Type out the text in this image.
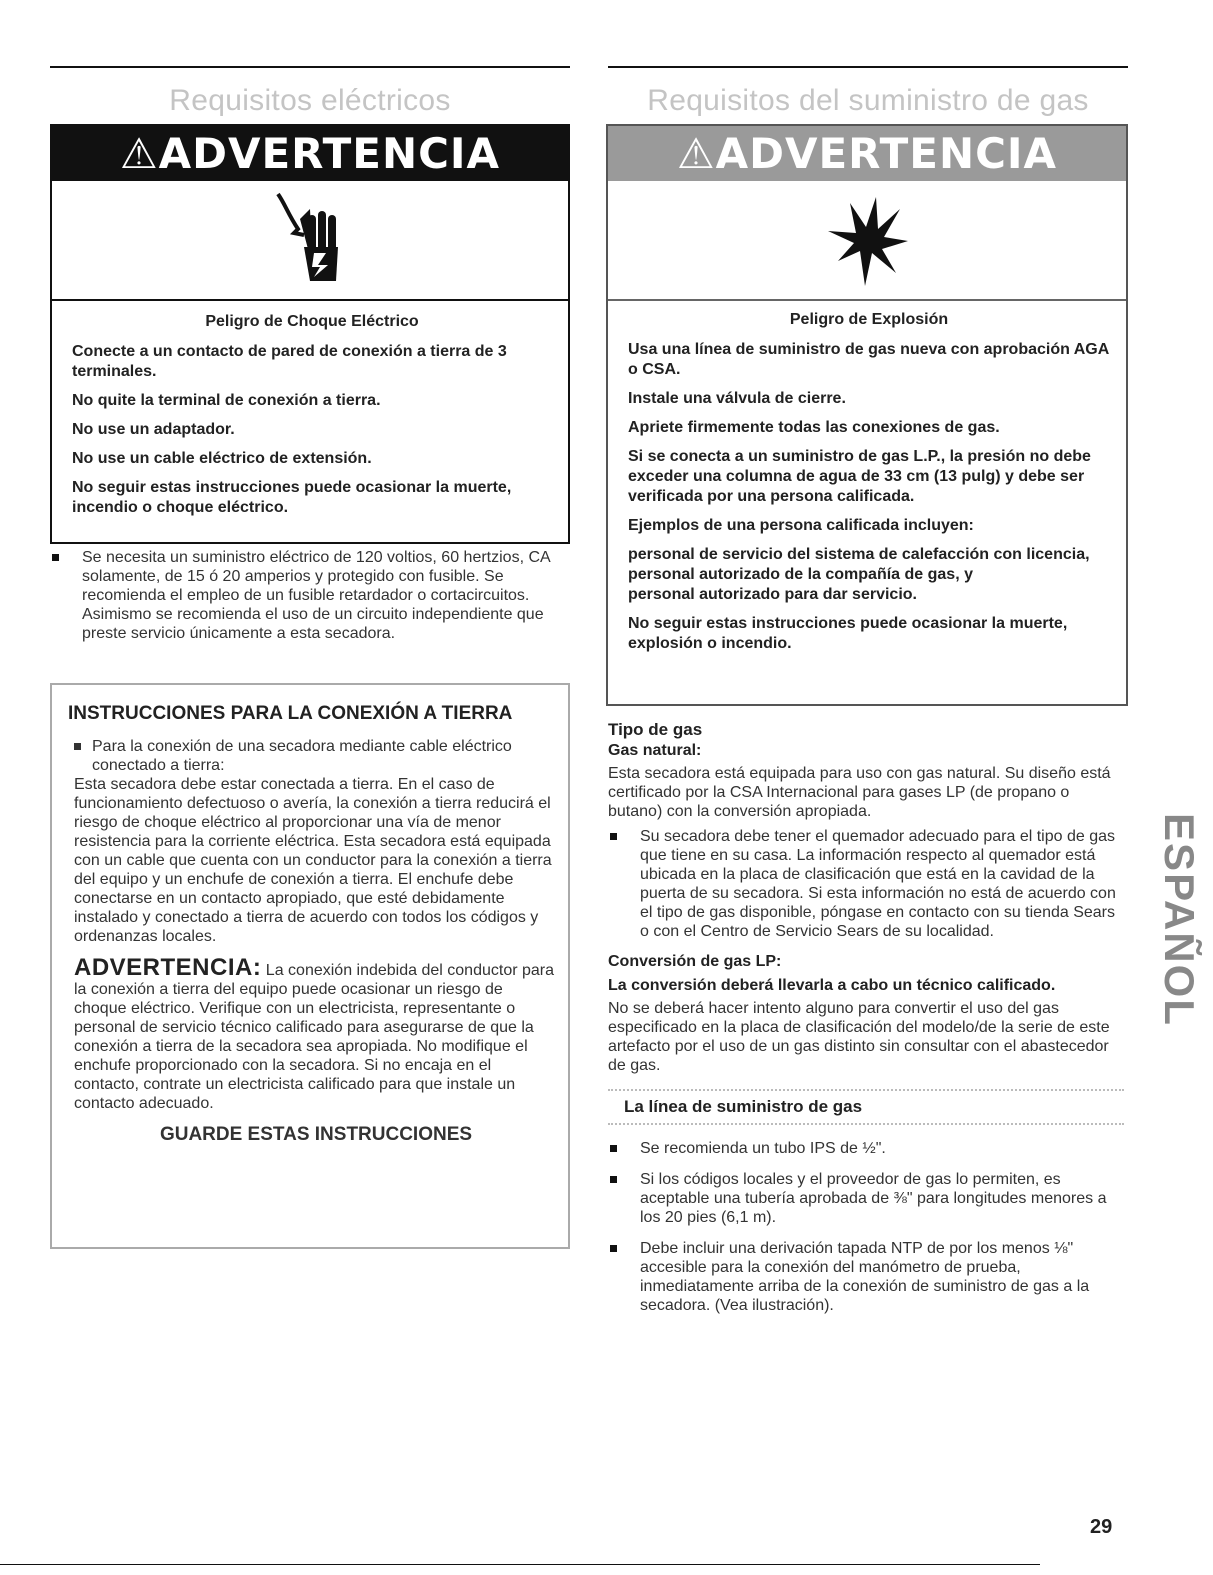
Requisitos eléctricos
⚠ADVERTENCIA

Peligro de Choque Eléctrico

Conecte a un contacto de pared de conexión a tierra de 3 terminales.

No quite la terminal de conexión a tierra.

No use un adaptador.

No use un cable eléctrico de extensión.

No seguir estas instrucciones puede ocasionar la muerte, incendio o choque eléctrico.

Se necesita un suministro eléctrico de 120 voltios, 60 hertzios, CA solamente, de 15 ó 20 amperios y protegido con fusible. Se recomienda el empleo de un fusible retardador o cortacircuitos. Asimismo se recomienda el uso de un circuito independiente que preste servicio únicamente a esta secadora.
INSTRUCCIONES PARA LA CONEXIÓN A TIERRA
Para la conexión de una secadora mediante cable eléctrico conectado a tierra:
Esta secadora debe estar conectada a tierra. En el caso de funcionamiento defectuoso o avería, la conexión a tierra reducirá el riesgo de choque eléctrico al proporcionar una vía de menor resistencia para la corriente eléctrica. Esta secadora está equipada con un cable que cuenta con un conductor para la conexión a tierra del equipo y un enchufe de conexión a tierra. El enchufe debe conectarse en un contacto apropiado, que esté debidamente instalado y conectado a tierra de acuerdo con todos los códigos y ordenanzas locales.
ADVERTENCIA: La conexión indebida del conductor para la conexión a tierra del equipo puede ocasionar un riesgo de choque eléctrico. Verifique con un electricista, representante o personal de servicio técnico calificado para asegurarse de que la conexión a tierra de la secadora sea apropiada. No modifique el enchufe proporcionado con la secadora. Si no encaja en el contacto, contrate un electricista calificado para que instale un contacto adecuado.
GUARDE ESTAS INSTRUCCIONES
Requisitos del suministro de gas
⚠ADVERTENCIA

Peligro de Explosión

Usa una línea de suministro de gas nueva con aprobación AGA o CSA.

Instale una válvula de cierre.

Apriete firmemente todas las conexiones de gas.

Si se conecta a un suministro de gas L.P., la presión no debe exceder una columna de agua de 33 cm (13 pulg) y debe ser verificada por una persona calificada.

Ejemplos de una persona calificada incluyen:

personal de servicio del sistema de calefacción con licencia,
personal autorizado de la compañía de gas, y
personal autorizado para dar servicio.

No seguir estas instrucciones puede ocasionar la muerte, explosión o incendio.

Tipo de gas
Gas natural:
Esta secadora está equipada para uso con gas natural. Su diseño está certificado por la CSA Internacional para gases LP (de propano o butano) con la conversión apropiada.
Su secadora debe tener el quemador adecuado para el tipo de gas que tiene en su casa. La información respecto al quemador está ubicada en la placa de clasificación que está en la cavidad de la puerta de su secadora. Si esta información no está de acuerdo con el tipo de gas disponible, póngase en contacto con su tienda Sears o con el Centro de Servicio Sears de su localidad.
Conversión de gas LP:
La conversión deberá llevarla a cabo un técnico calificado.
No se deberá hacer intento alguno para convertir el uso del gas especificado en la placa de clasificación del modelo/de la serie de este artefacto por el uso de un gas distinto sin consultar con el abastecedor de gas.
La línea de suministro de gas
Se recomienda un tubo IPS de ½".
Si los códigos locales y el proveedor de gas lo permiten, es aceptable una tubería aprobada de ⅜" para longitudes menores a los 20 pies (6,1 m).
Debe incluir una derivación tapada NTP de por los menos ⅛" accesible para la conexión del manómetro de prueba, inmediatamente arriba de la conexión de suministro de gas a la secadora. (Vea ilustración).
ESPAÑOL
29
